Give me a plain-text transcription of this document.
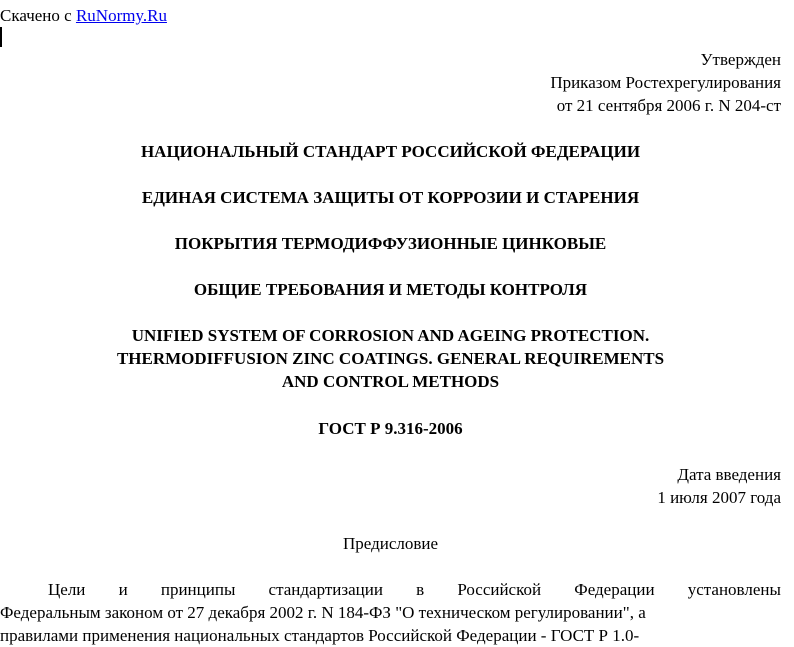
Скачено с RuNormy.Ru
Утвержден
Приказом Ростехрегулирования
от 21 сентября 2006 г. N 204-ст
НАЦИОНАЛЬНЫЙ СТАНДАРТ РОССИЙСКОЙ ФЕДЕРАЦИИ
ЕДИНАЯ СИСТЕМА ЗАЩИТЫ ОТ КОРРОЗИИ И СТАРЕНИЯ
ПОКРЫТИЯ ТЕРМОДИФФУЗИОННЫЕ ЦИНКОВЫЕ
ОБЩИЕ ТРЕБОВАНИЯ И МЕТОДЫ КОНТРОЛЯ
UNIFIED SYSTEM OF CORROSION AND AGEING PROTECTION.
THERMODIFFUSION ZINC COATINGS. GENERAL REQUIREMENTS
AND CONTROL METHODS
ГОСТ Р 9.316-2006
Дата введения
1 июля 2007 года
Предисловие
Цели и принципы стандартизации в Российской Федерации установлены
Федеральным законом от 27 декабря 2002 г. N 184-ФЗ "О техническом регулировании", а
правилами применения национальных стандартов Российской Федерации - ГОСТ Р 1.0-
